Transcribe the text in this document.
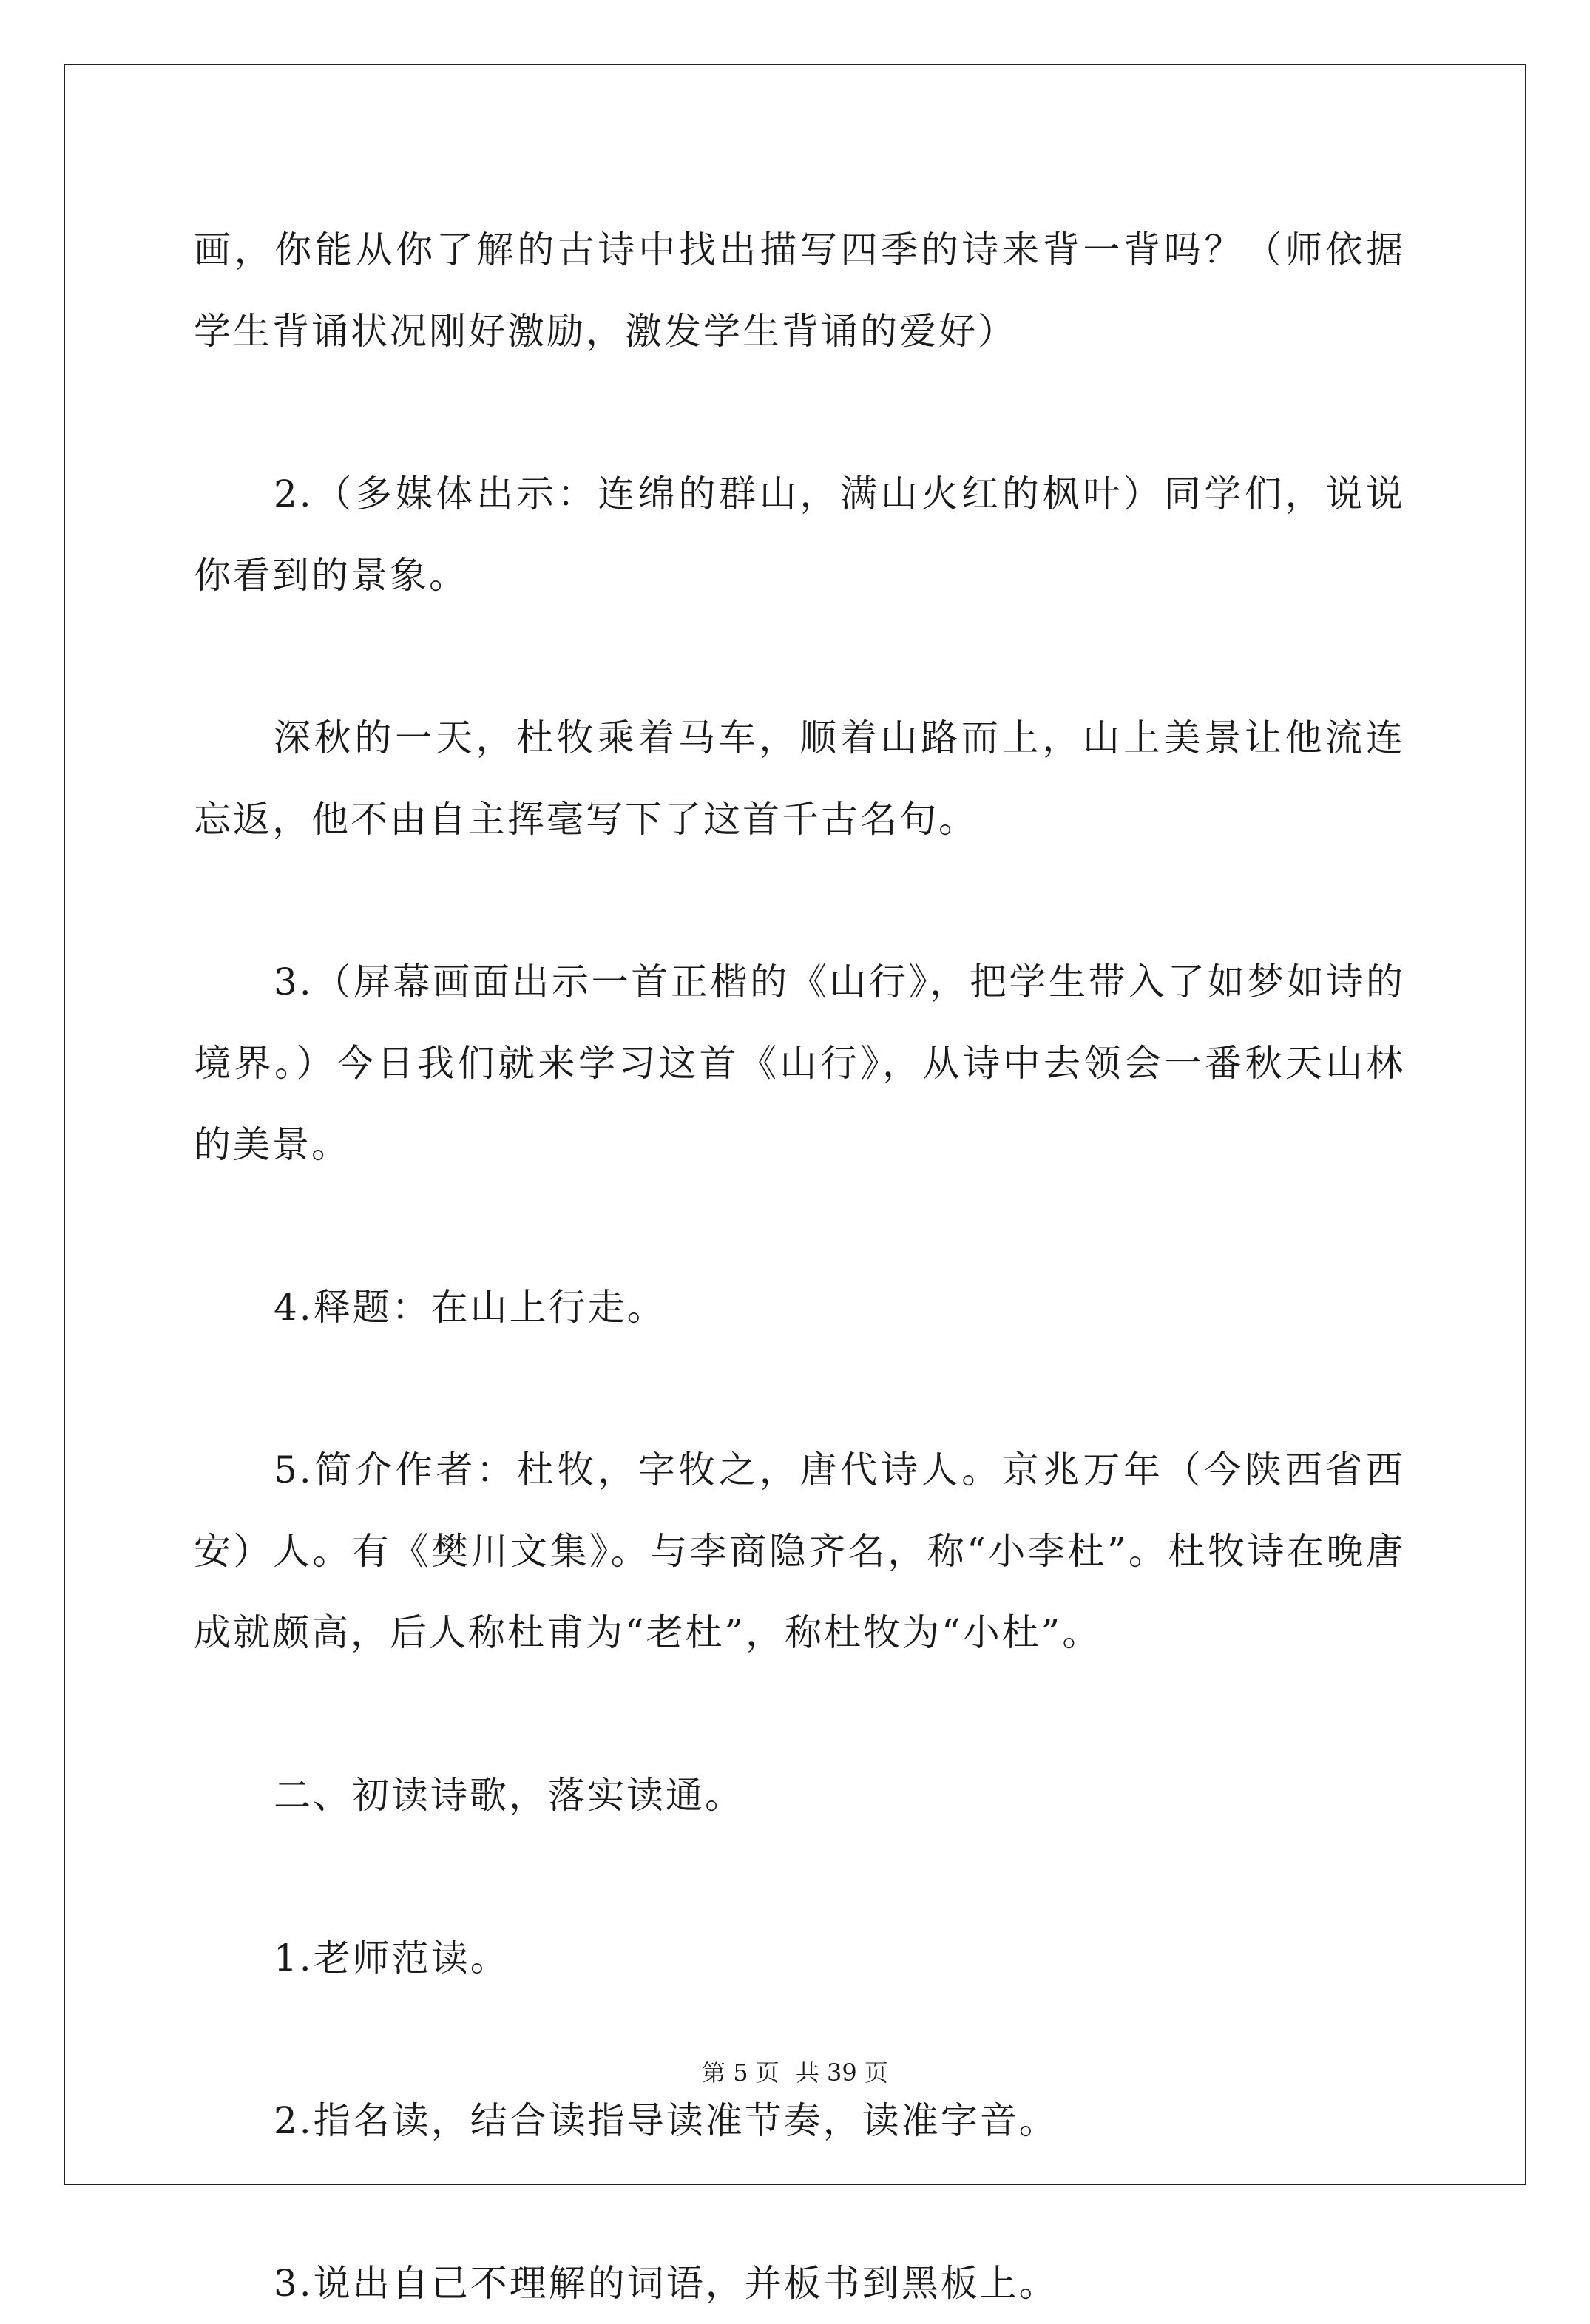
画，你能从你了解的古诗中找出描写四季的诗来背一背吗？（师依据学生背诵状况刚好激励，激发学生背诵的爱好）

2.（多媒体出示：连绵的群山，满山火红的枫叶）同学们，说说你看到的景象。

深秋的一天，杜牧乘着马车，顺着山路而上，山上美景让他流连忘返，他不由自主挥毫写下了这首千古名句。

3.（屏幕画面出示一首正楷的《山行》，把学生带入了如梦如诗的境界。）今日我们就来学习这首《山行》，从诗中去领会一番秋天山林的美景。

4.释题：在山上行走。

5.简介作者：杜牧，字牧之，唐代诗人。京兆万年（今陕西省西安）人。有《樊川文集》。与李商隐齐名，称“小李杜”。杜牧诗在晚唐成就颇高，后人称杜甫为“老杜”，称杜牧为“小杜”。

二、初读诗歌，落实读通。

1.老师范读。

2.指名读，结合读指导读准节奏，读准字音。

3.说出自己不理解的词语，并板书到黑板上。

第 5 页 共 39 页
